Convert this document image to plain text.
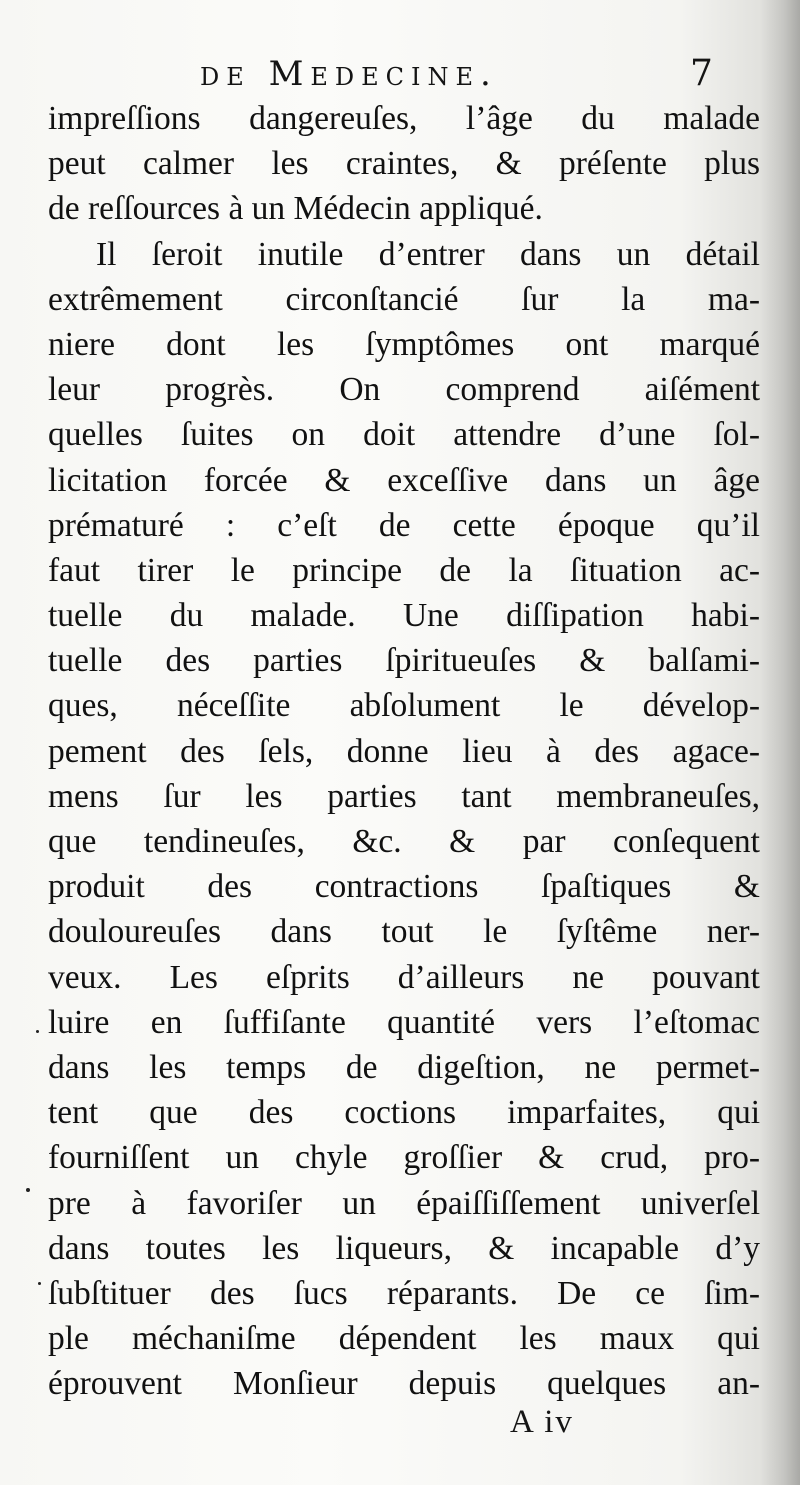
de Medecine.	7
impreſſions dangereuſes, l’âge du malade
peut calmer les craintes, & préſente plus
de reſſources à un Médecin appliqué.
Il ſeroit inutile d’entrer dans un détail
extrêmement circonſtancié ſur la ma-
niere dont les ſymptômes ont marqué
leur progrès. On comprend aiſément
quelles ſuites on doit attendre d’une ſol-
licitation forcée & exceſſive dans un âge
prématuré : c’eſt de cette époque qu’il
faut tirer le principe de la ſituation ac-
tuelle du malade. Une diſſipation habi-
tuelle des parties ſpiritueuſes & balſami-
ques, néceſſite abſolument le dévelop-
pement des ſels, donne lieu à des agace-
mens ſur les parties tant membraneuſes,
que tendineuſes, &c. & par conſequent
produit des contractions ſpaſtiques &
douloureuſes dans tout le ſyſtême ner-
veux. Les eſprits d’ailleurs ne pouvant
luire en ſuffiſante quantité vers l’eſtomac
dans les temps de digeſtion, ne permet-
tent que des coctions imparfaites, qui
fourniſſent un chyle groſſier & crud, pro-
pre à favoriſer un épaiſſiſſement univerſel
dans toutes les liqueurs, & incapable d’y
ſubſtituer des ſucs réparants. De ce ſim-
ple méchaniſme dépendent les maux qui
éprouvent Monſieur depuis quelques an-
A iv
